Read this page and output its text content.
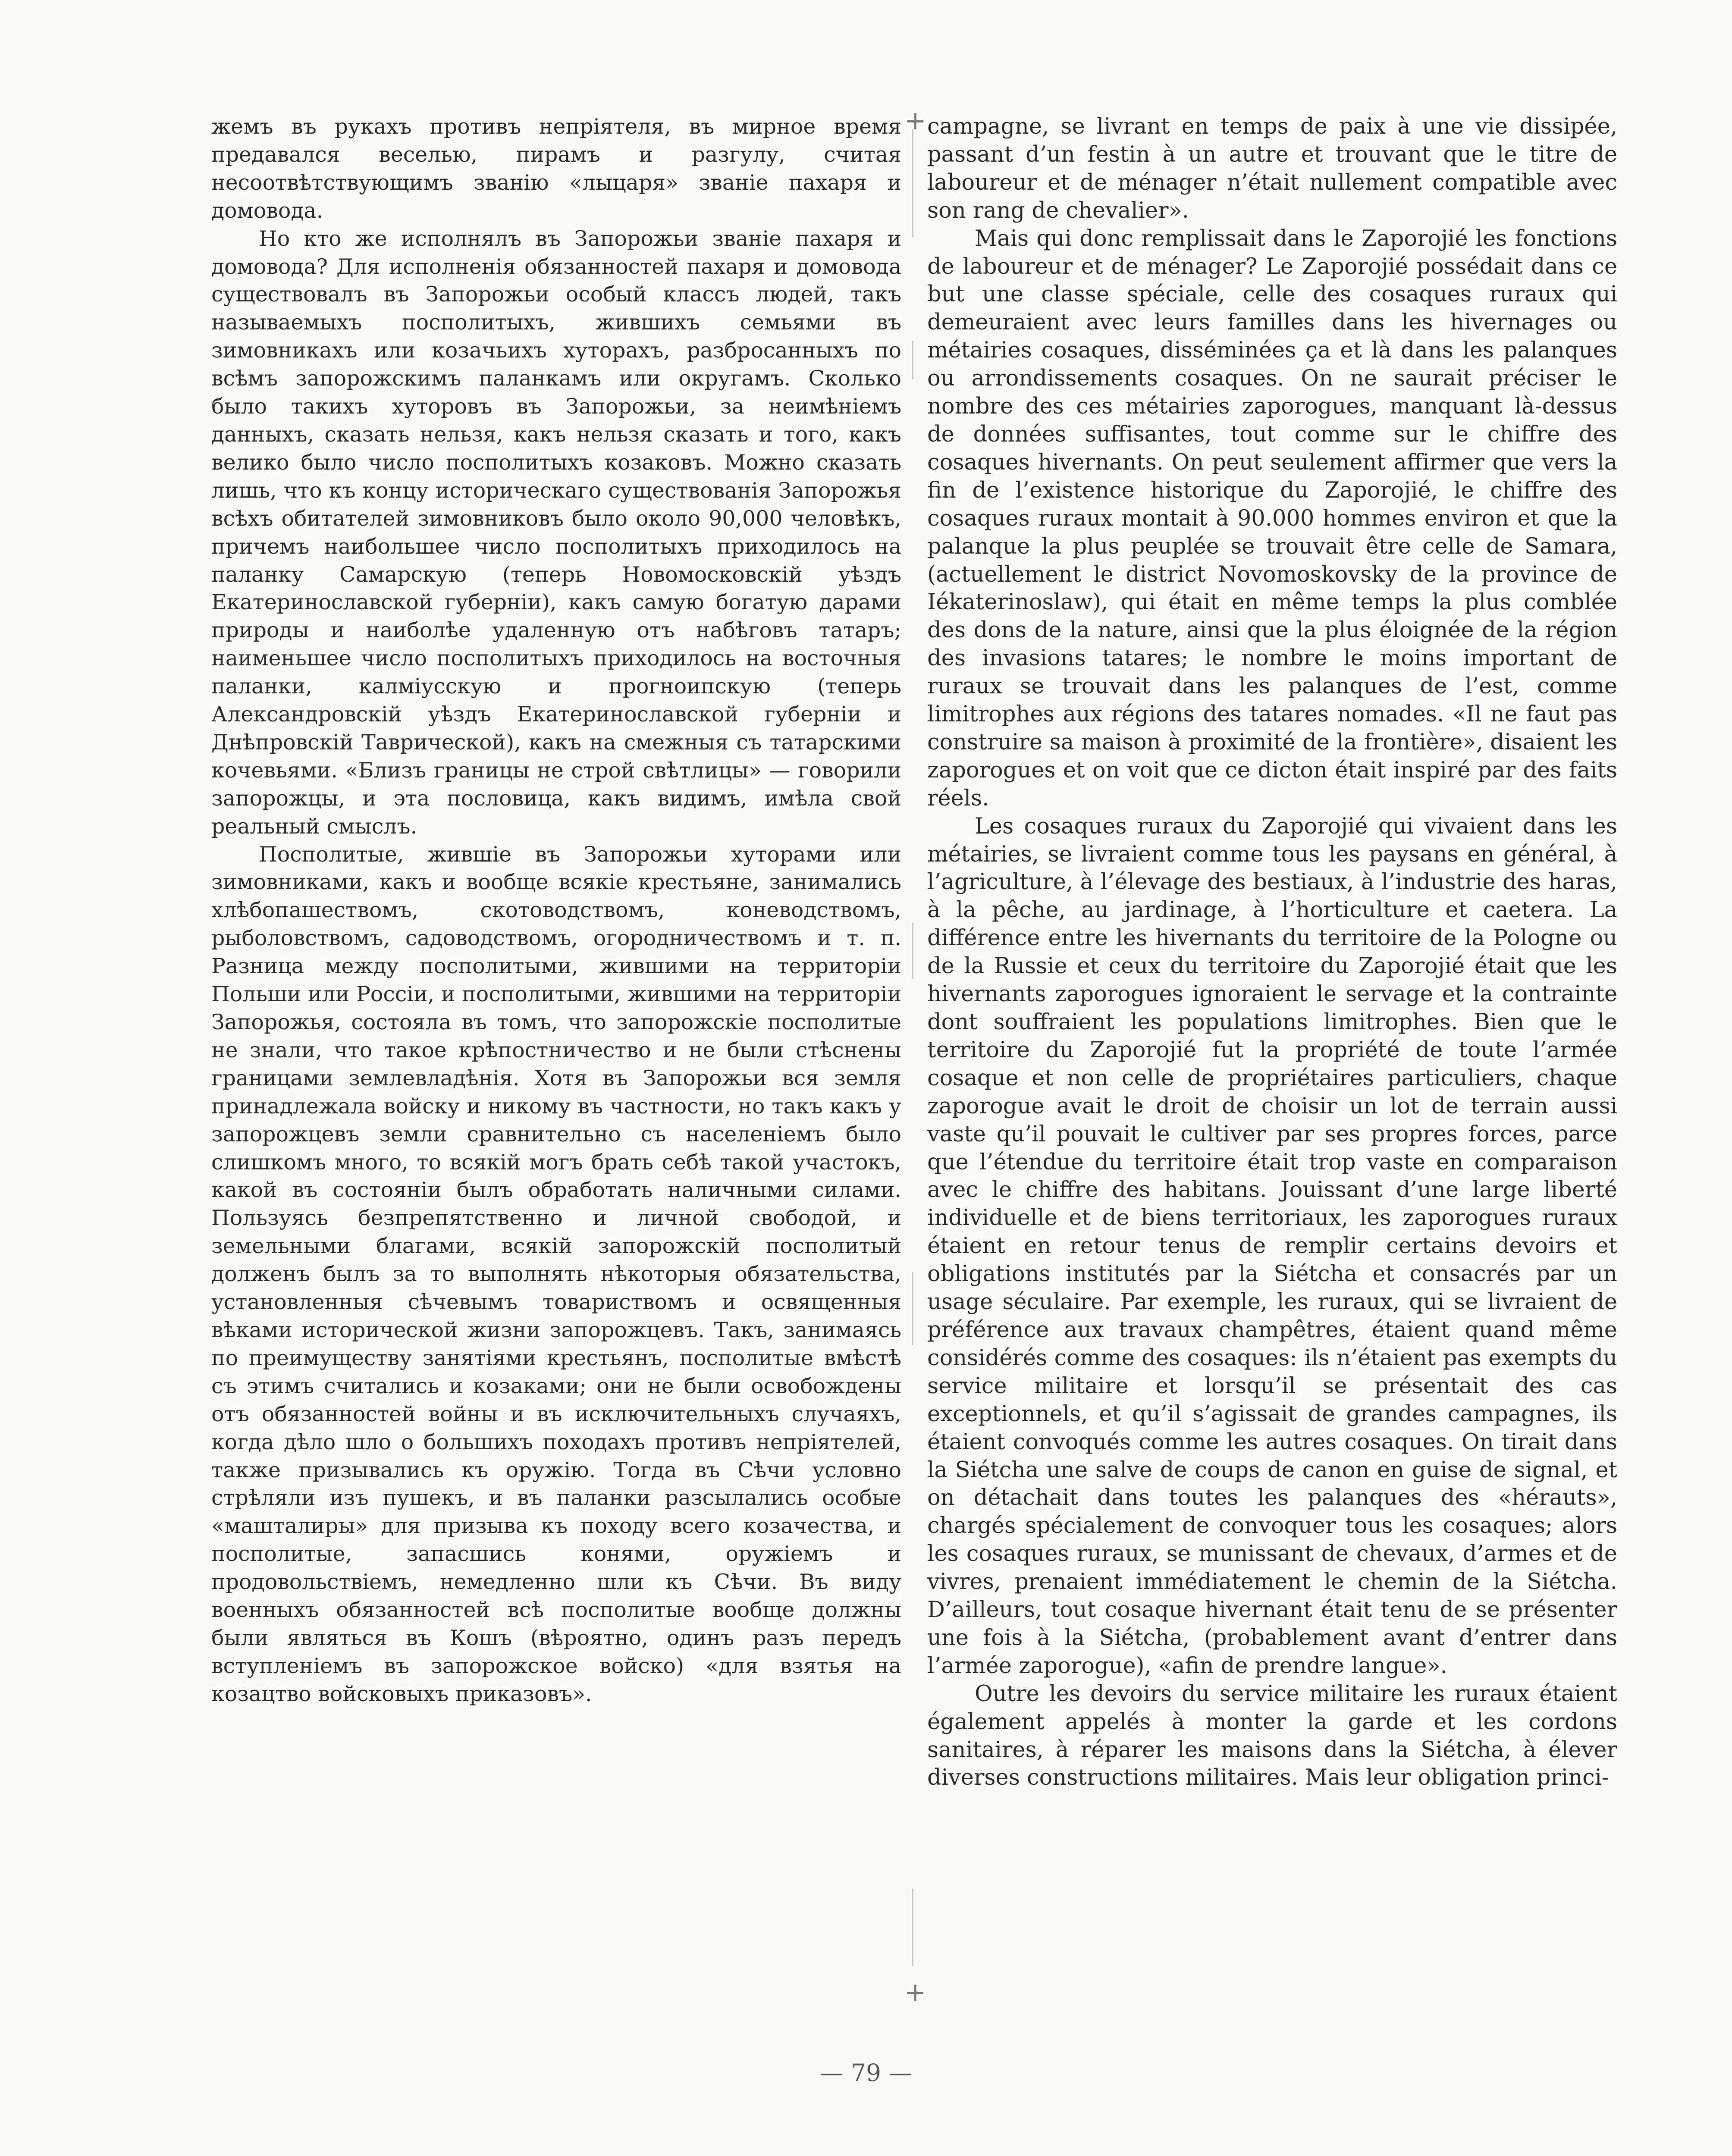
жемъ въ рукахъ противъ непріятеля, въ мирное время предавался веселью, пирамъ и разгулу, считая несоотвѣтствующимъ званію «лыцаря» званіе пахаря и домовода.

Но кто же исполнялъ въ Запорожьи званіе пахаря и домовода? Для исполненія обязанностей пахаря и домовода существовалъ въ Запорожьи особый классъ людей, такъ называемыхъ посполитыхъ, жившихъ семьями въ зимовникахъ или козачьихъ хуторахъ, разбросанныхъ по всѣмъ запорожскимъ паланкамъ или округамъ. Сколько было такихъ хуторовъ въ Запорожьи, за неимѣніемъ данныхъ, сказать нельзя, какъ нельзя сказать и того, какъ велико было число посполитыхъ козаковъ. Можно сказать лишь, что къ концу историческаго существованія Запорожья всѣхъ обитателей зимовниковъ было около 90,000 человѣкъ, причемъ наибольшее число посполитыхъ приходилось на паланку Самарскую (теперь Новомосковскій уѣздъ Екатеринославской губерніи), какъ самую богатую дарами природы и наиболѣе удаленную отъ набѣговъ татаръ; наименьшее число посполитыхъ приходилось на восточныя паланки, калміусскую и прогноипскую (теперь Александровскій уѣздъ Екатеринославской губерніи и Днѣпровскій Таврической), какъ на смежныя съ татарскими кочевьями. «Близъ границы не строй свѣтлицы» — говорили запорожцы, и эта пословица, какъ видимъ, имѣла свой реальный смыслъ.

Посполитые, жившіе въ Запорожьи хуторами или зимовниками, какъ и вообще всякіе крестьяне, занимались хлѣбопашествомъ, скотоводствомъ, коневодствомъ, рыболовствомъ, садоводствомъ, огородничествомъ и т. п. Разница между посполитыми, жившими на территоріи Польши или Россіи, и посполитыми, жившими на территоріи Запорожья, состояла въ томъ, что запорожскіе посполитые не знали, что такое крѣпостничество и не были стѣснены границами землевладѣнія. Хотя въ Запорожьи вся земля принадлежала войску и никому въ частности, но такъ какъ у запорожцевъ земли сравнительно съ населеніемъ было слишкомъ много, то всякій могъ брать себѣ такой участокъ, какой въ состояніи былъ обработать наличными силами. Пользуясь безпрепятственно и личной свободой, и земельными благами, всякій запорожскій посполитый долженъ былъ за то выполнять нѣкоторыя обязательства, установленныя сѣчевымъ товариствомъ и освященныя вѣками исторической жизни запорожцевъ. Такъ, занимаясь по преимуществу занятіями крестьянъ, посполитые вмѣстѣ съ этимъ считались и козаками; они не были освобождены отъ обязанностей войны и въ исключительныхъ случаяхъ, когда дѣло шло о большихъ походахъ противъ непріятелей, также призывались къ оружію. Тогда въ Сѣчи условно стрѣляли изъ пушекъ, и въ паланки разсылались особые «машталиры» для призыва къ походу всего козачества, и посполитые, запасшись конями, оружіемъ и продовольствіемъ, немедленно шли къ Сѣчи. Въ виду военныхъ обязанностей всѣ посполитые вообще должны были являться въ Кошъ (вѣроятно, одинъ разъ передъ вступленіемъ въ запорожское войско) «для взятья на козацтво войсковыхъ приказовъ».

+
+

campagne, se livrant en temps de paix à une vie dissipée, passant d’un festin à un autre et trouvant que le titre de laboureur et de ménager n’était nullement compatible avec son rang de chevalier».

Mais qui donc remplissait dans le Zaporojié les fonctions de laboureur et de ménager? Le Zaporojié possédait dans ce but une classe spéciale, celle des cosaques ruraux qui demeuraient avec leurs familles dans les hivernages ou métairies cosaques, disséminées ça et là dans les palanques ou arrondissements cosaques. On ne saurait préciser le nombre des ces métairies zaporogues, manquant là-dessus de données suffisantes, tout comme sur le chiffre des cosaques hivernants. On peut seulement affirmer que vers la fin de l’existence historique du Zaporojié, le chiffre des cosaques ruraux montait à 90.000 hommes environ et que la palanque la plus peuplée se trouvait être celle de Samara, (actuellement le district Novomoskovsky de la province de Iékaterinoslaw), qui était en même temps la plus comblée des dons de la nature, ainsi que la plus éloignée de la région des invasions tatares; le nombre le moins important de ruraux se trouvait dans les palanques de l’est, comme limitrophes aux régions des tatares nomades. «Il ne faut pas construire sa maison à proximité de la frontière», disaient les zaporogues et on voit que ce dicton était inspiré par des faits réels.

Les cosaques ruraux du Zaporojié qui vivaient dans les métairies, se livraient comme tous les paysans en général, à l’agriculture, à l’élevage des bestiaux, à l’industrie des haras, à la pêche, au jardinage, à l’horticulture et caetera. La différence entre les hivernants du territoire de la Pologne ou de la Russie et ceux du territoire du Zaporojié était que les hivernants zaporogues ignoraient le servage et la contrainte dont souffraient les populations limitrophes. Bien que le territoire du Zaporojié fut la propriété de toute l’armée cosaque et non celle de propriétaires particuliers, chaque zaporogue avait le droit de choisir un lot de terrain aussi vaste qu’il pouvait le cultiver par ses propres forces, parce que l’étendue du territoire était trop vaste en comparaison avec le chiffre des habitans. Jouissant d’une large liberté individuelle et de biens territoriaux, les zaporogues ruraux étaient en retour tenus de remplir certains devoirs et obligations institutés par la Siétcha et consacrés par un usage séculaire. Par exemple, les ruraux, qui se livraient de préférence aux travaux champêtres, étaient quand même considérés comme des cosaques: ils n’étaient pas exempts du service militaire et lorsqu’il se présentait des cas exceptionnels, et qu’il s’agissait de grandes campagnes, ils étaient convoqués comme les autres cosaques. On tirait dans la Siétcha une salve de coups de canon en guise de signal, et on détachait dans toutes les palanques des «hérauts», chargés spécialement de convoquer tous les cosaques; alors les cosaques ruraux, se munissant de chevaux, d’armes et de vivres, prenaient immédiatement le chemin de la Siétcha. D’ailleurs, tout cosaque hivernant était tenu de se présenter une fois à la Siétcha, (probablement avant d’entrer dans l’armée zaporogue), «afin de prendre langue».

Outre les devoirs du service militaire les ruraux étaient également appelés à monter la garde et les cordons sanitaires, à réparer les maisons dans la Siétcha, à élever diverses constructions militaires. Mais leur obligation princi-

— 79 —
